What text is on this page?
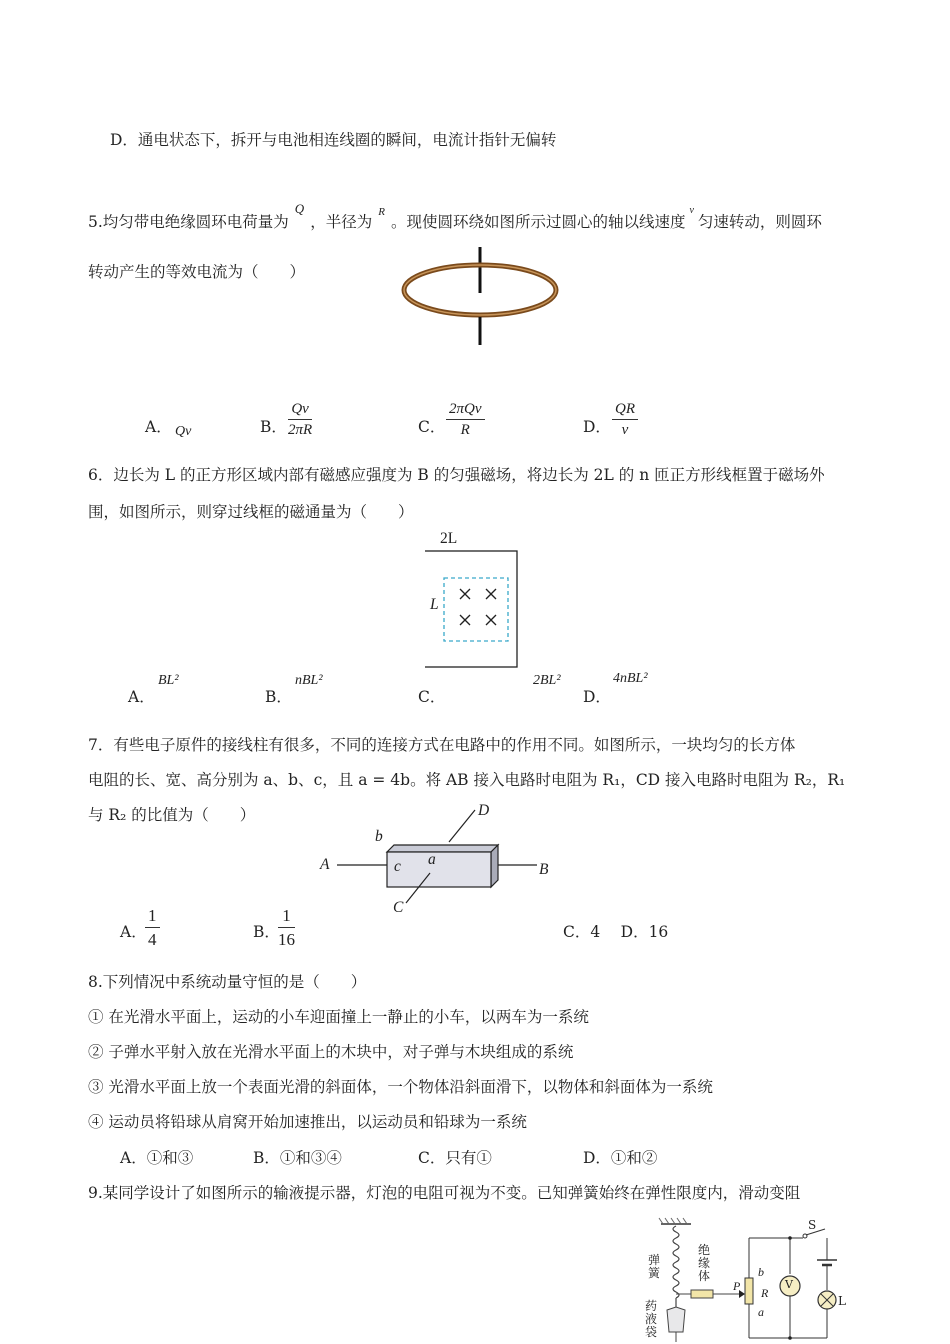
D．通电状态下，拆开与电池相连线圈的瞬间，电流计指针无偏转
5.均匀带电绝缘圆环电荷量为$^Q$，半径为$^R$。现使圆环绕如图所示过圆心的轴以线速度$^v$匀速转动，则圆环
转动产生的等效电流为（　　）
A． Qv	B． $\frac{Qv}{2\pi R}$	C．
2πQv
R	D． $\frac{QR}{v}$
6．边长为 L 的正方形区域内部有磁感应强度为 B 的匀强磁场，将边长为 2L 的 n 匝正方形线框置于磁场外
围，如图所示，则穿过线框的磁通量为（　　）
2L
L
A．
BL²
B．
nBL²
C．
2BL²
D．
4nBL²
7．有些电子原件的接线柱有很多，不同的连接方式在电路中的作用不同。如图所示，一块均匀的长方体
电阻的长、宽、高分别为 a、b、c，且 a = 4b。将 AB 接入电路时电阻为 R₁，CD 接入电路时电阻为 R₂，R₁
与 R₂ 的比值为（　　）
A	B
C
D
b
c a
A．
$\frac{1}{4}$	B．
$\frac{1}{16}$	C．4　 D．16
8.下列情况中系统动量守恒的是（　　）
① 在光滑水平面上，运动的小车迎面撞上一静止的小车，以两车为一系统
② 子弹水平射入放在光滑水平面上的木块中，对子弹与木块组成的系统
③ 光滑水平面上放一个表面光滑的斜面体，一个物体沿斜面滑下，以物体和斜面体为一系统
④ 运动员将铅球从肩窝开始加速推出，以运动员和铅球为一系统
A．①和③	B．①和③④	C．只有①	D．①和②
9.某同学设计了如图所示的输液提示器，灯泡的电阻可视为不变。已知弹簧始终在弹性限度内，滑动变阻
弹簧
绝缘体
药液袋
P
b
R
a
V
S
L
